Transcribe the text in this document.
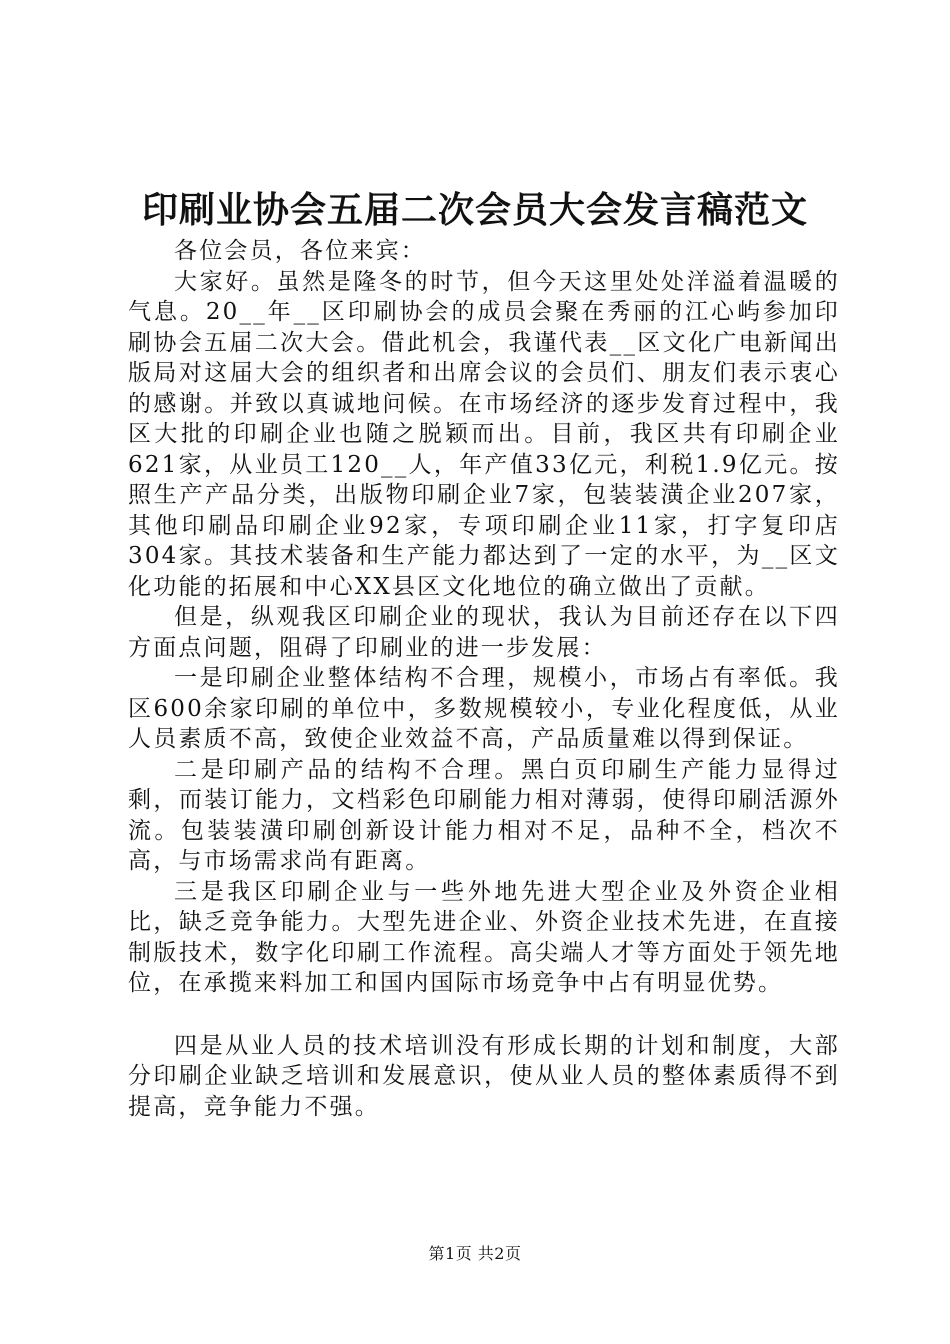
印刷业协会五届二次会员大会发言稿范文

各位会员，各位来宾：

大家好。虽然是隆冬的时节，但今天这里处处洋溢着温暖的气息。20__年__区印刷协会的成员会聚在秀丽的江心屿参加印刷协会五届二次大会。借此机会，我谨代表__区文化广电新闻出版局对这届大会的组织者和出席会议的会员们、朋友们表示衷心的感谢。并致以真诚地问候。在市场经济的逐步发育过程中，我区大批的印刷企业也随之脱颖而出。目前，我区共有印刷企业621家，从业员工120__人，年产值33亿元，利税1.9亿元。按照生产产品分类，出版物印刷企业7家，包装装潢企业207家，其他印刷品印刷企业92家，专项印刷企业11家，打字复印店304家。其技术装备和生产能力都达到了一定的水平，为__区文化功能的拓展和中心XX县区文化地位的确立做出了贡献。

但是，纵观我区印刷企业的现状，我认为目前还存在以下四方面点问题，阻碍了印刷业的进一步发展：

一是印刷企业整体结构不合理，规模小，市场占有率低。我区600余家印刷的单位中，多数规模较小，专业化程度低，从业人员素质不高，致使企业效益不高，产品质量难以得到保证。

二是印刷产品的结构不合理。黑白页印刷生产能力显得过剩，而装订能力，文档彩色印刷能力相对薄弱，使得印刷活源外流。包装装潢印刷创新设计能力相对不足，品种不全，档次不高，与市场需求尚有距离。

三是我区印刷企业与一些外地先进大型企业及外资企业相比，缺乏竞争能力。大型先进企业、外资企业技术先进，在直接制版技术，数字化印刷工作流程。高尖端人才等方面处于领先地位，在承揽来料加工和国内国际市场竞争中占有明显优势。

四是从业人员的技术培训没有形成长期的计划和制度，大部分印刷企业缺乏培训和发展意识，使从业人员的整体素质得不到提高，竞争能力不强。

第1页 共2页
